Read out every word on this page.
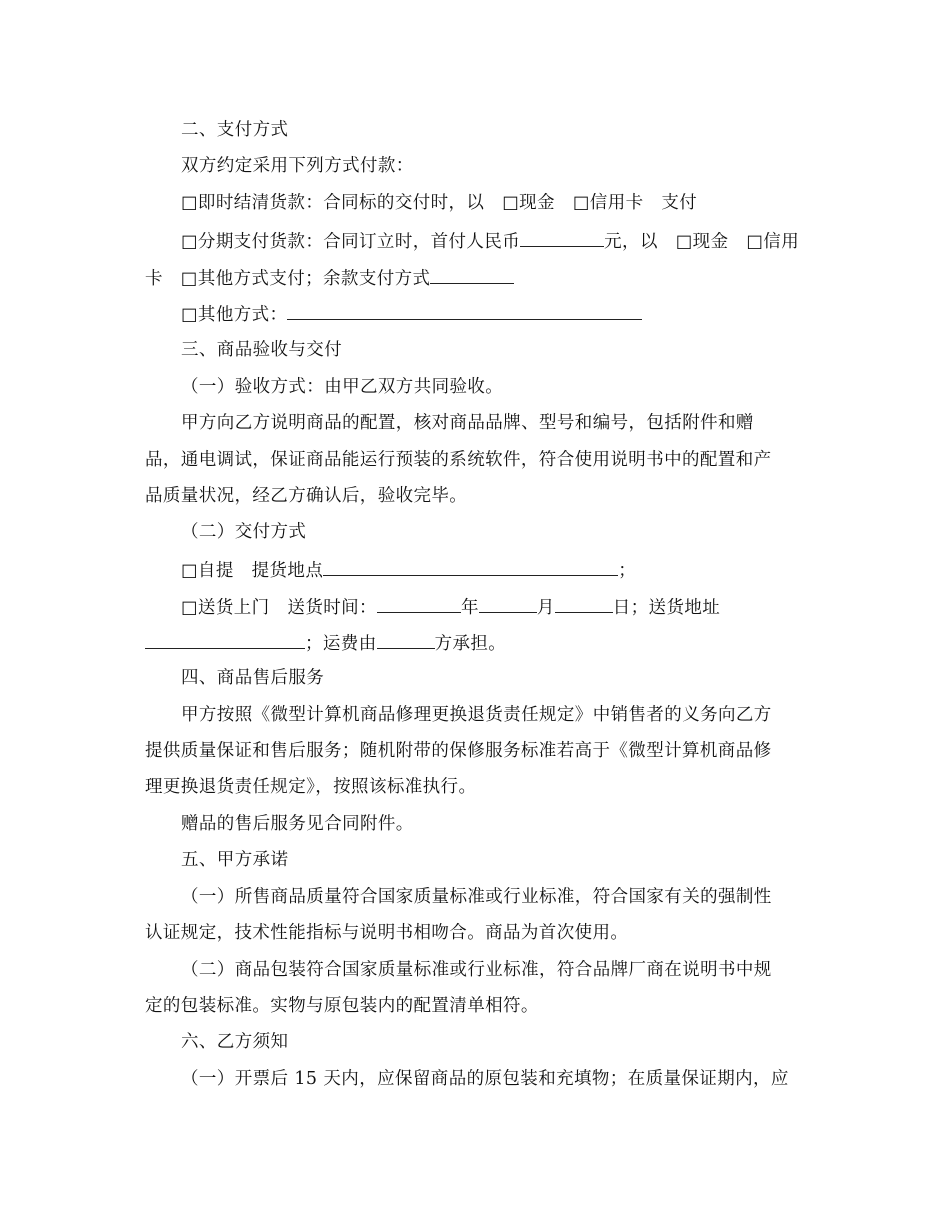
二、支付方式
双方约定采用下列方式付款：
□即时结清货款：合同标的交付时，以　□现金　□信用卡　支付
□分期支付货款：合同订立时，首付人民币	元，以　□现金　□信用
卡　□其他方式支付；余款支付方式
□其他方式：
三、商品验收与交付
（一）验收方式：由甲乙双方共同验收。
甲方向乙方说明商品的配置，核对商品品牌、型号和编号，包括附件和赠
品，通电调试，保证商品能运行预装的系统软件，符合使用说明书中的配置和产
品质量状况，经乙方确认后，验收完毕。
（二）交付方式
□自提　提货地点	；
□送货上门　送货时间：	年	月	日；送货地址
；运费由	方承担。
四、商品售后服务
甲方按照《微型计算机商品修理更换退货责任规定》中销售者的义务向乙方
提供质量保证和售后服务；随机附带的保修服务标准若高于《微型计算机商品修
理更换退货责任规定》，按照该标准执行。
赠品的售后服务见合同附件。
五、甲方承诺
（一）所售商品质量符合国家质量标准或行业标准，符合国家有关的强制性
认证规定，技术性能指标与说明书相吻合。商品为首次使用。
（二）商品包装符合国家质量标准或行业标准，符合品牌厂商在说明书中规
定的包装标准。实物与原包装内的配置清单相符。
六、乙方须知
（一）开票后 15 天内，应保留商品的原包装和充填物；在质量保证期内，应
